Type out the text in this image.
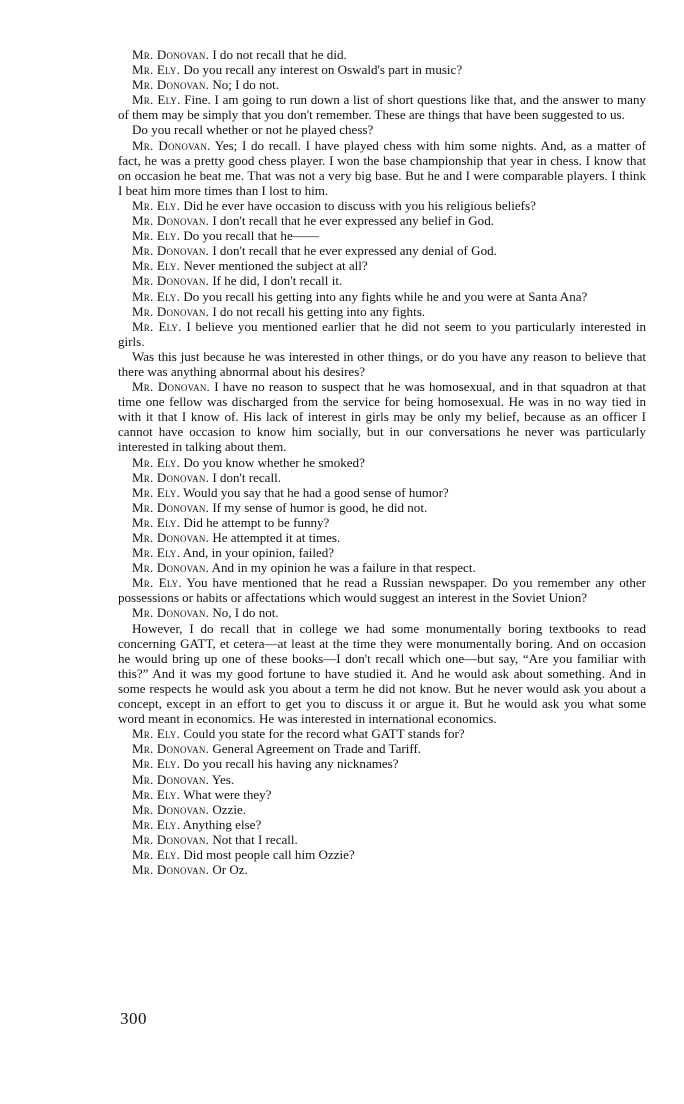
Mr. Donovan. I do not recall that he did.

Mr. Ely. Do you recall any interest on Oswald's part in music?

Mr. Donovan. No; I do not.

Mr. Ely. Fine. I am going to run down a list of short questions like that, and the answer to many of them may be simply that you don't remember. These are things that have been suggested to us.

Do you recall whether or not he played chess?

Mr. Donovan. Yes; I do recall. I have played chess with him some nights. And, as a matter of fact, he was a pretty good chess player. I won the base championship that year in chess. I know that on occasion he beat me. That was not a very big base. But he and I were comparable players. I think I beat him more times than I lost to him.

Mr. Ely. Did he ever have occasion to discuss with you his religious beliefs?

Mr. Donovan. I don't recall that he ever expressed any belief in God.

Mr. Ely. Do you recall that he——

Mr. Donovan. I don't recall that he ever expressed any denial of God.

Mr. Ely. Never mentioned the subject at all?

Mr. Donovan. If he did, I don't recall it.

Mr. Ely. Do you recall his getting into any fights while he and you were at Santa Ana?

Mr. Donovan. I do not recall his getting into any fights.

Mr. Ely. I believe you mentioned earlier that he did not seem to you particularly interested in girls.

Was this just because he was interested in other things, or do you have any reason to believe that there was anything abnormal about his desires?

Mr. Donovan. I have no reason to suspect that he was homosexual, and in that squadron at that time one fellow was discharged from the service for being homosexual. He was in no way tied in with it that I know of. His lack of interest in girls may be only my belief, because as an officer I cannot have occasion to know him socially, but in our conversations he never was particularly interested in talking about them.

Mr. Ely. Do you know whether he smoked?

Mr. Donovan. I don't recall.

Mr. Ely. Would you say that he had a good sense of humor?

Mr. Donovan. If my sense of humor is good, he did not.

Mr. Ely. Did he attempt to be funny?

Mr. Donovan. He attempted it at times.

Mr. Ely. And, in your opinion, failed?

Mr. Donovan. And in my opinion he was a failure in that respect.

Mr. Ely. You have mentioned that he read a Russian newspaper. Do you remember any other possessions or habits or affectations which would suggest an interest in the Soviet Union?

Mr. Donovan. No, I do not.

However, I do recall that in college we had some monumentally boring textbooks to read concerning GATT, et cetera—at least at the time they were monumentally boring. And on occasion he would bring up one of these books—I don't recall which one—but say, “Are you familiar with this?” And it was my good fortune to have studied it. And he would ask about something. And in some respects he would ask you about a term he did not know. But he never would ask you about a concept, except in an effort to get you to discuss it or argue it. But he would ask you what some word meant in economics. He was interested in international economics.

Mr. Ely. Could you state for the record what GATT stands for?

Mr. Donovan. General Agreement on Trade and Tariff.

Mr. Ely. Do you recall his having any nicknames?

Mr. Donovan. Yes.

Mr. Ely. What were they?

Mr. Donovan. Ozzie.

Mr. Ely. Anything else?

Mr. Donovan. Not that I recall.

Mr. Ely. Did most people call him Ozzie?

Mr. Donovan. Or Oz.

300
